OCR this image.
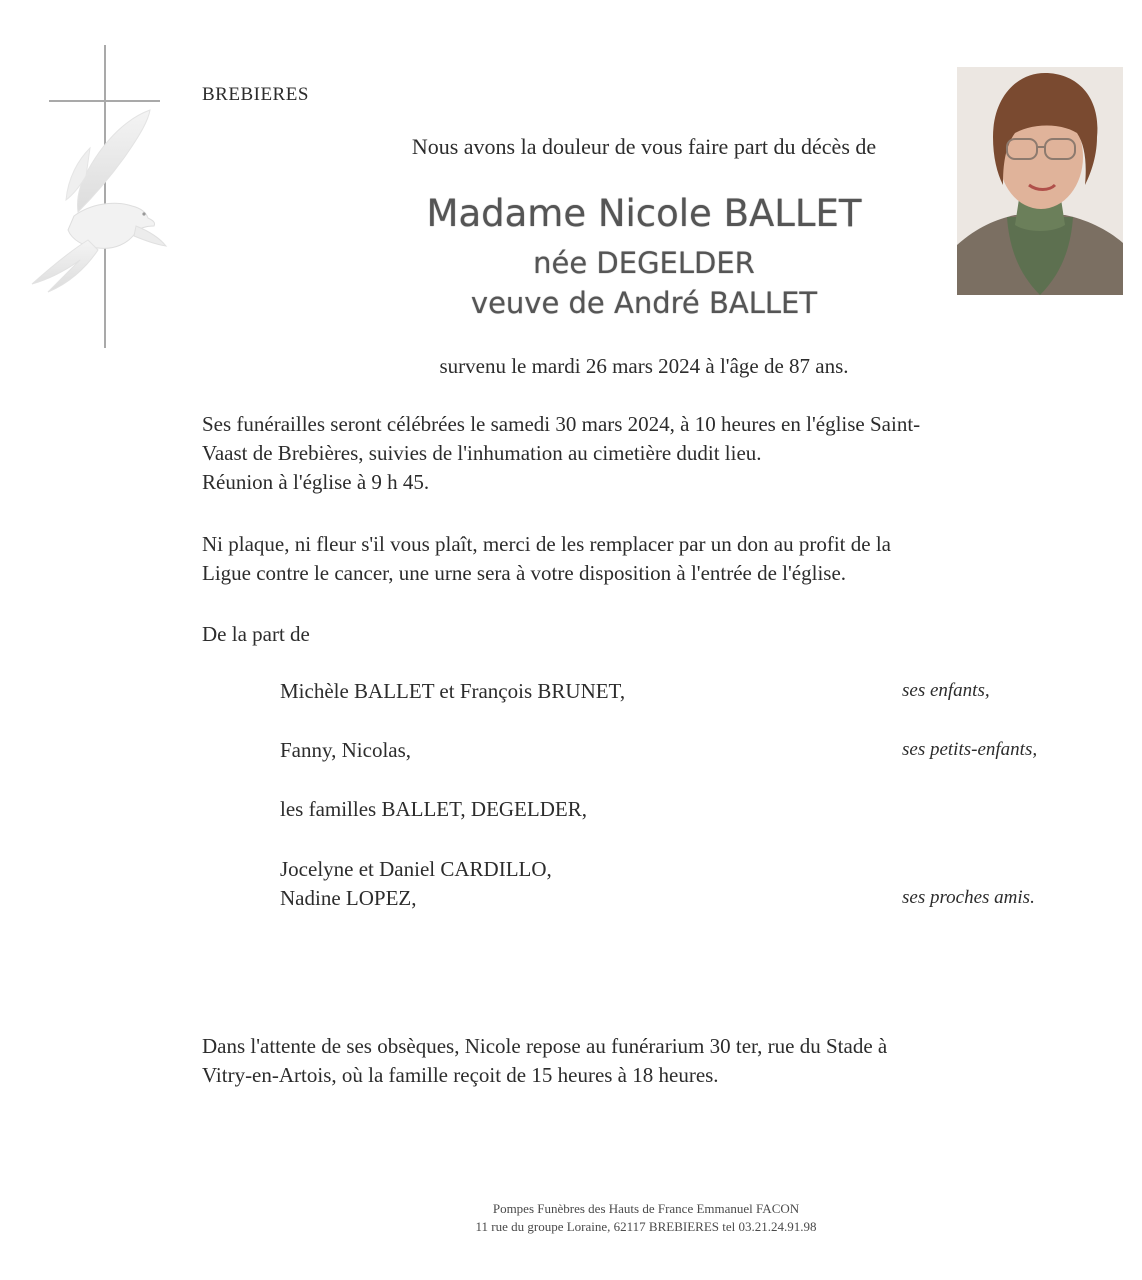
BREBIERES
Nous avons la douleur de vous faire part du décès de
Madame Nicole BALLET
née DEGELDER
veuve de André BALLET
survenu le mardi 26 mars 2024 à l'âge de 87 ans.
Ses funérailles seront célébrées le samedi 30 mars 2024, à 10 heures en l'église Saint-
Vaast de Brebières, suivies de l'inhumation au cimetière dudit lieu.
Réunion à l'église à 9 h 45.
Ni plaque, ni fleur s'il vous plaît, merci de les remplacer par un don au profit de la
Ligue contre le cancer, une urne sera à votre disposition à l'entrée de l'église.
De la part de
Michèle BALLET et François BRUNET,	ses enfants,
Fanny, Nicolas,	ses petits-enfants,
les familles BALLET, DEGELDER,
Jocelyne et Daniel CARDILLO,
Nadine LOPEZ,	ses proches amis.
Dans l'attente de ses obsèques, Nicole repose au funérarium 30 ter, rue du Stade à
Vitry-en-Artois, où la famille reçoit de 15 heures à 18 heures.
Pompes Funèbres des Hauts de France Emmanuel FACON
11 rue du groupe Loraine, 62117 BREBIERES tel 03.21.24.91.98
